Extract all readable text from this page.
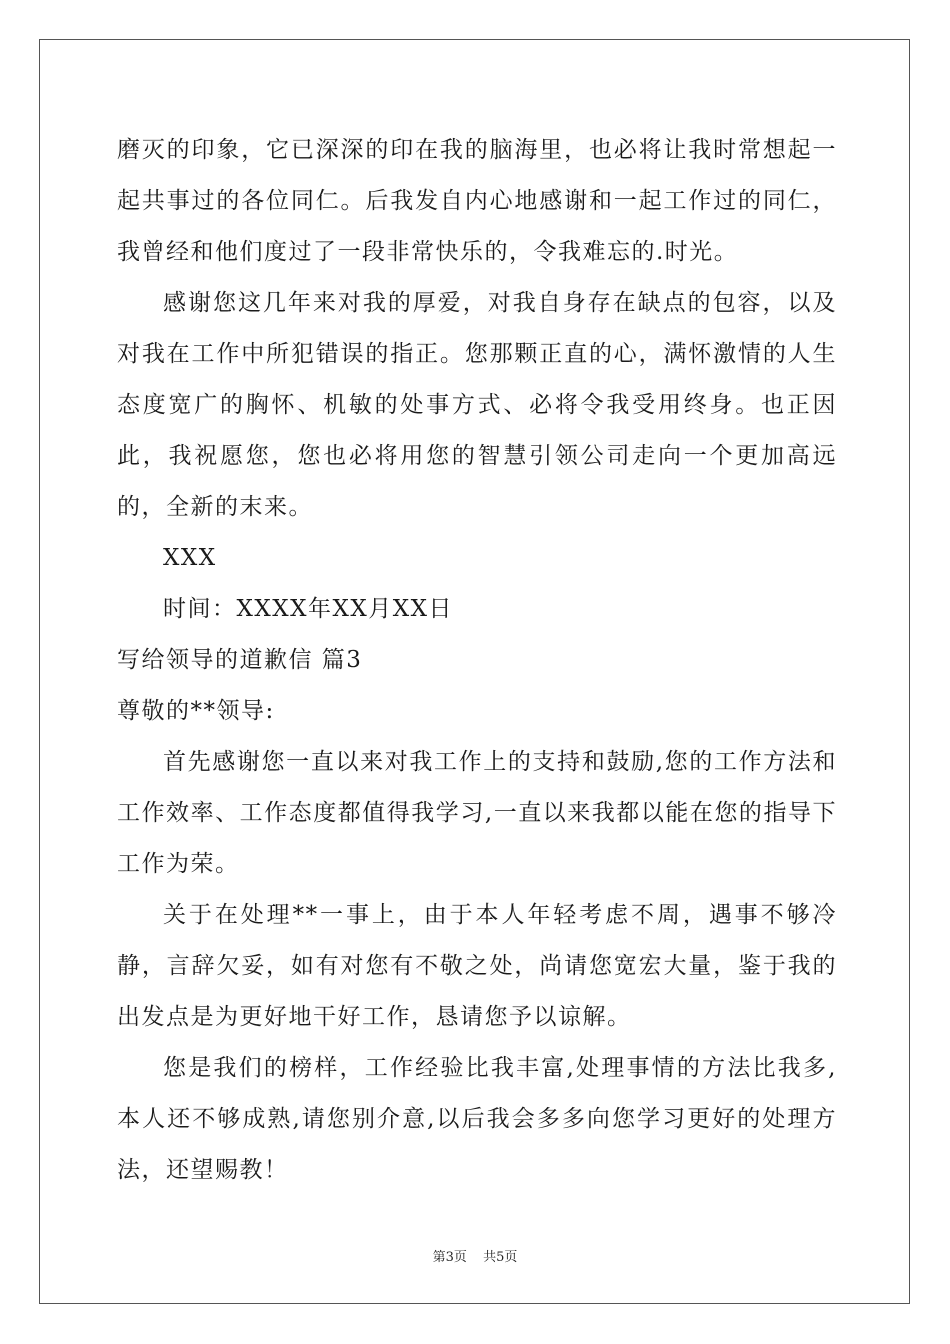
磨灭的印象，它已深深的印在我的脑海里，也必将让我时常想起一起共事过的各位同仁。后我发自内心地感谢和一起工作过的同仁，我曾经和他们度过了一段非常快乐的，令我难忘的.时光。

感谢您这几年来对我的厚爱，对我自身存在缺点的包容，以及对我在工作中所犯错误的指正。您那颗正直的心，满怀激情的人生态度宽广的胸怀、机敏的处事方式、必将令我受用终身。也正因此，我祝愿您，您也必将用您的智慧引领公司走向一个更加高远的，全新的末来。

XXX

时间：XXXX年XX月XX日

写给领导的道歉信 篇3

尊敬的**领导:

首先感谢您一直以来对我工作上的支持和鼓励,您的工作方法和工作效率、工作态度都值得我学习,一直以来我都以能在您的指导下工作为荣。

关于在处理**一事上，由于本人年轻考虑不周，遇事不够冷静，言辞欠妥，如有对您有不敬之处，尚请您宽宏大量，鉴于我的出发点是为更好地干好工作，恳请您予以谅解。

您是我们的榜样，工作经验比我丰富,处理事情的方法比我多,本人还不够成熟,请您别介意,以后我会多多向您学习更好的处理方法，还望赐教！

第3页 共5页
